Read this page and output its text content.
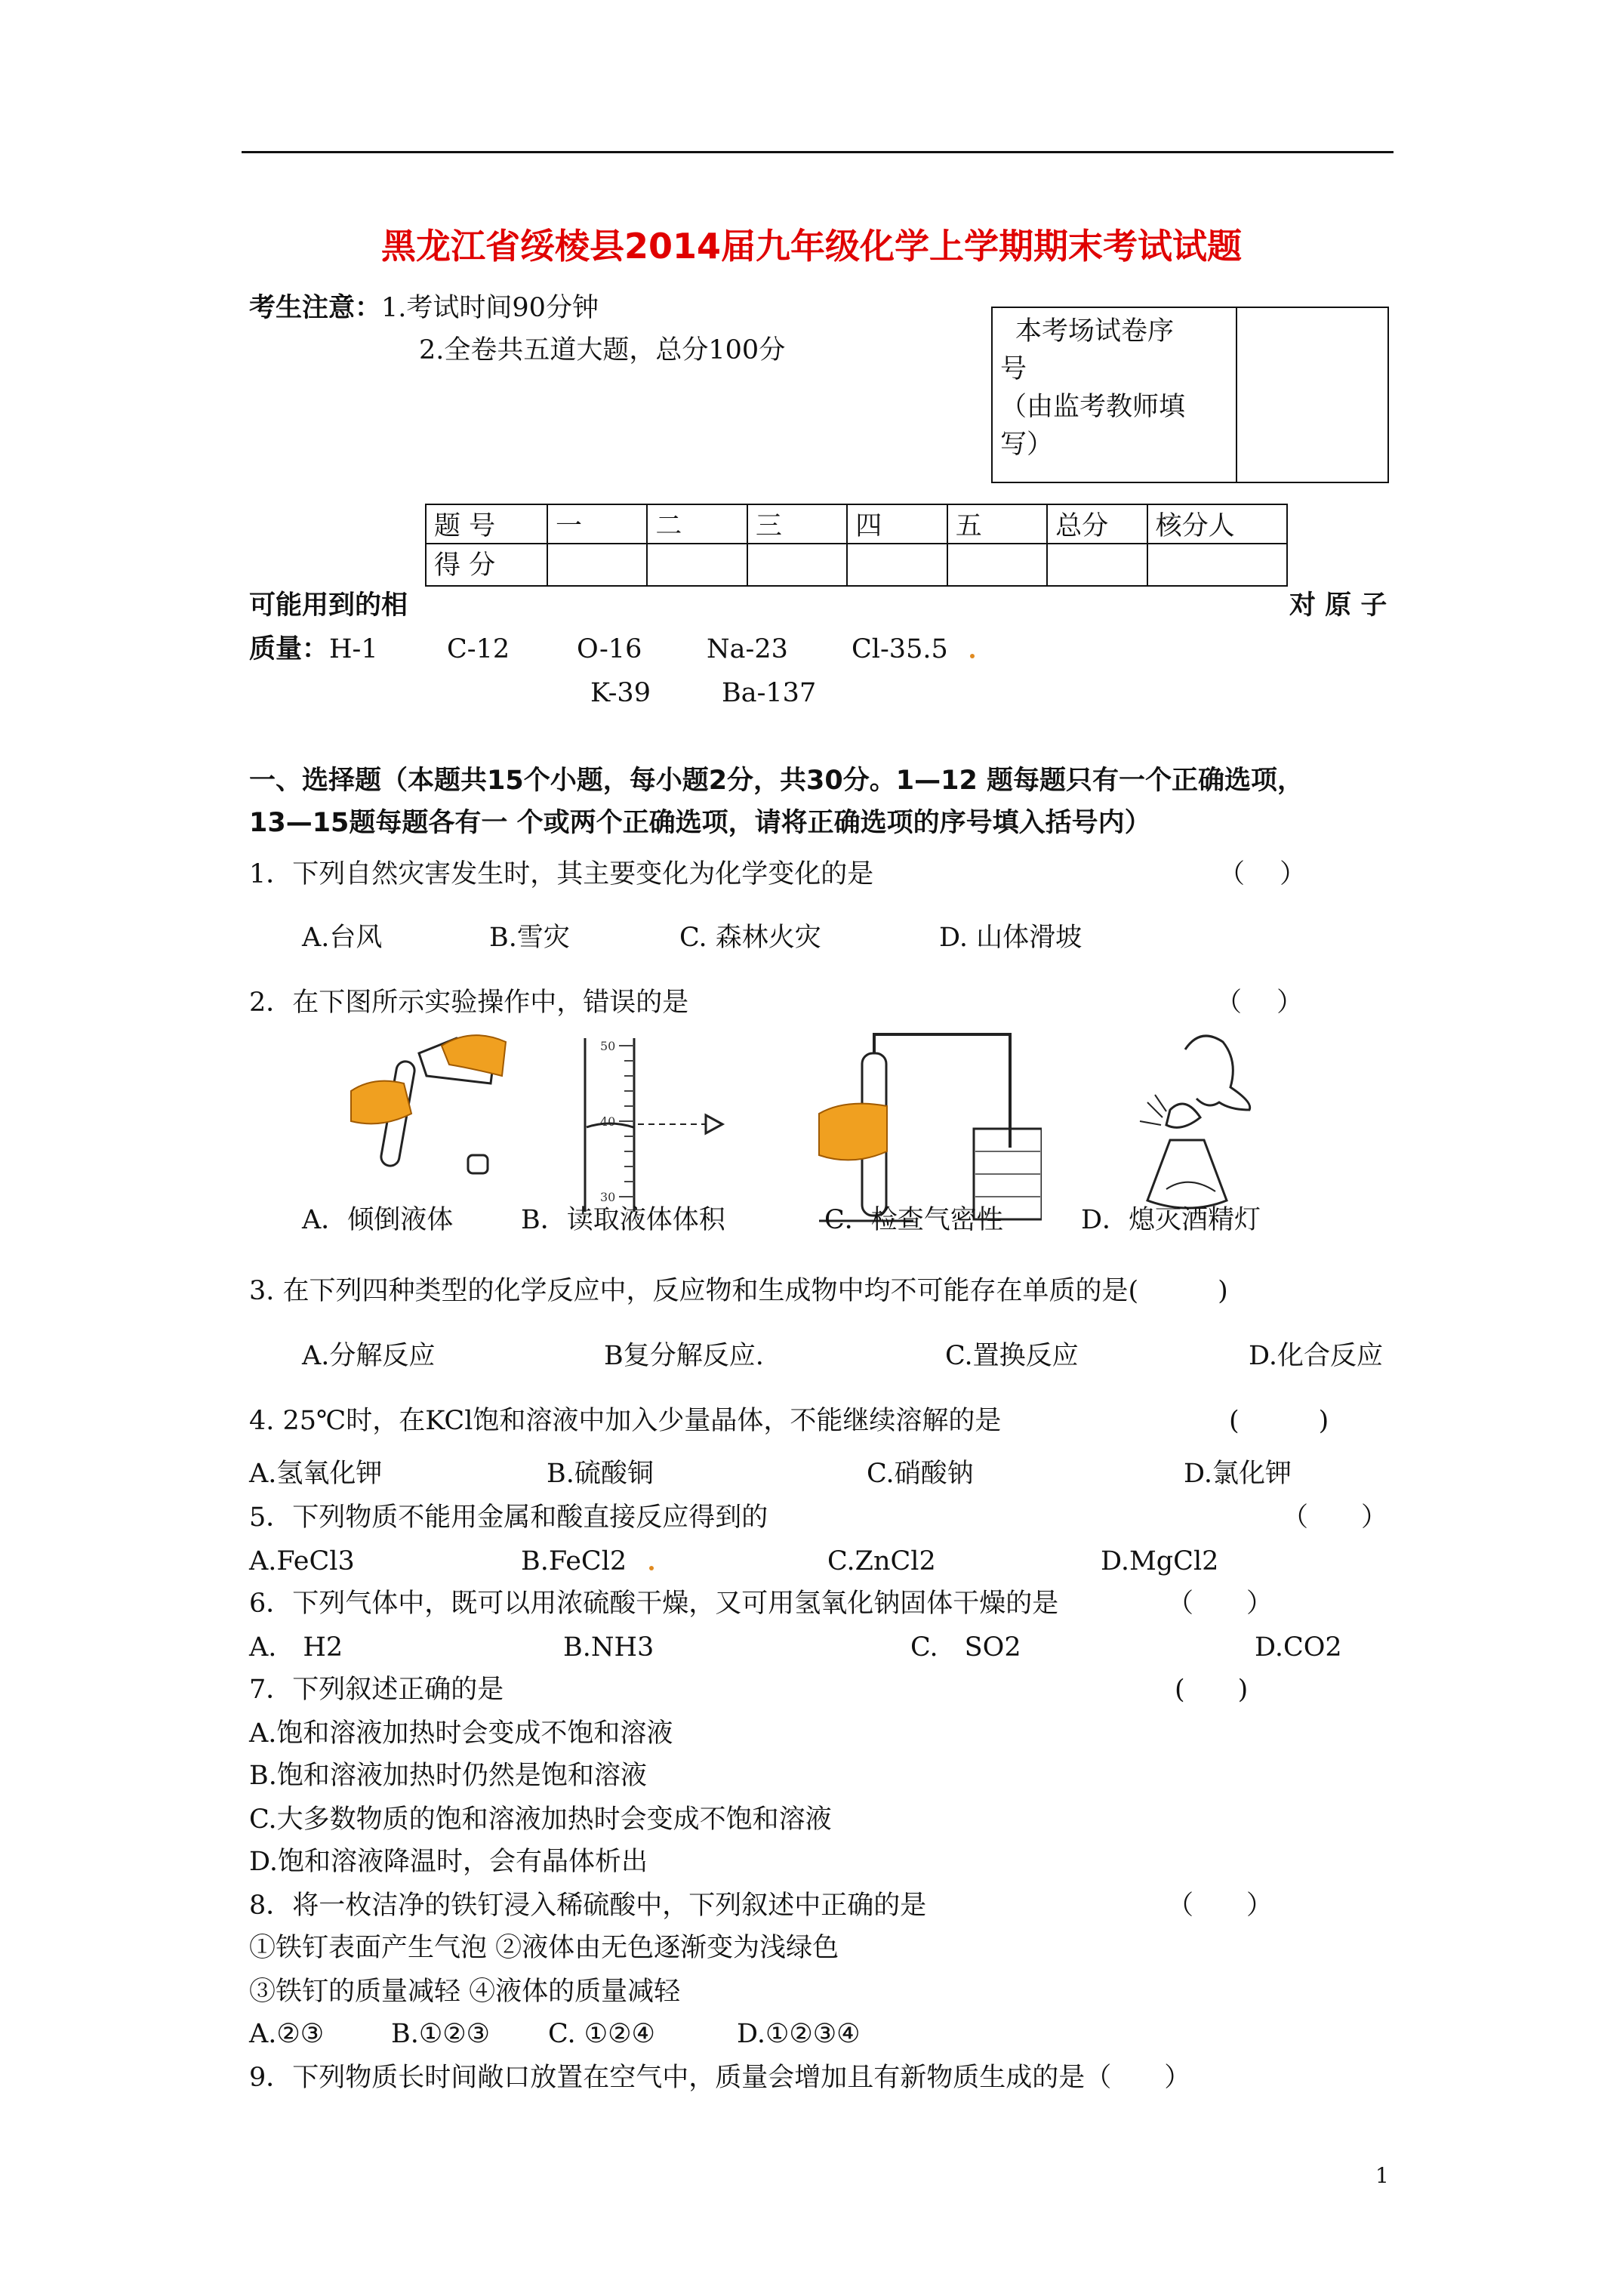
黑龙江省绥棱县2014届九年级化学上学期期末考试试题
考生注意：1.考试时间90分钟
2.全卷共五道大题，总分100分
本考场试卷序
号
（由监考教师填
写）

题 号	一	二	三	四	五	总分	核分人
得 分							
可能用到的相	对 原 子
质量： H-1	C-12	O-16 Na-23 Cl-35.5
K-39	Ba-137
一、选择题（本题共15个小题，每小题2分，共30分。1—12 题每题只有一个正确选项，
13—15题每题各有一 个或两个正确选项，请将正确选项的序号填入括号内）
1．下列自然灾害发生时，其主要变化为化学变化的是	（　 ）
A.台风	B.雪灾	C. 森林火灾	D. 山体滑坡
2．在下图所示实验操作中，错误的是	（　 ）
50
40
30
A．倾倒液体	B．读取液体体积	C．检查气密性	D．熄灭酒精灯
3. 在下列四种类型的化学反应中，反应物和生成物中均不可能存在单质的是(　　　)
A.分解反应	B复分解反应.	C.置换反应	D.化合反应
4. 25℃时，在KCl饱和溶液中加入少量晶体，不能继续溶解的是	(　　　)
A.氢氧化钾	B.硫酸铜	C.硝酸钠	D.氯化钾
5．下列物质不能用金属和酸直接反应得到的	（　　）
A.FeCl3	B.FeCl2	C.ZnCl2	D.MgCl2
6．下列气体中，既可以用浓硫酸干燥，又可用氢氧化钠固体干燥的是	（　　）
A.　H2	B.NH3	C.　SO2	D.CO2
7．下列叙述正确的是	(　　)
A.饱和溶液加热时会变成不饱和溶液
B.饱和溶液加热时仍然是饱和溶液
C.大多数物质的饱和溶液加热时会变成不饱和溶液
D.饱和溶液降温时，会有晶体析出
8．将一枚洁净的铁钉浸入稀硫酸中，下列叙述中正确的是	（　　）
①铁钉表面产生气泡 ②液体由无色逐渐变为浅绿色
③铁钉的质量减轻 ④液体的质量减轻
A.②③	B.①②③ C. ①②④	D.①②③④
9．下列物质长时间敞口放置在空气中，质量会增加且有新物质生成的是（　　）
1
